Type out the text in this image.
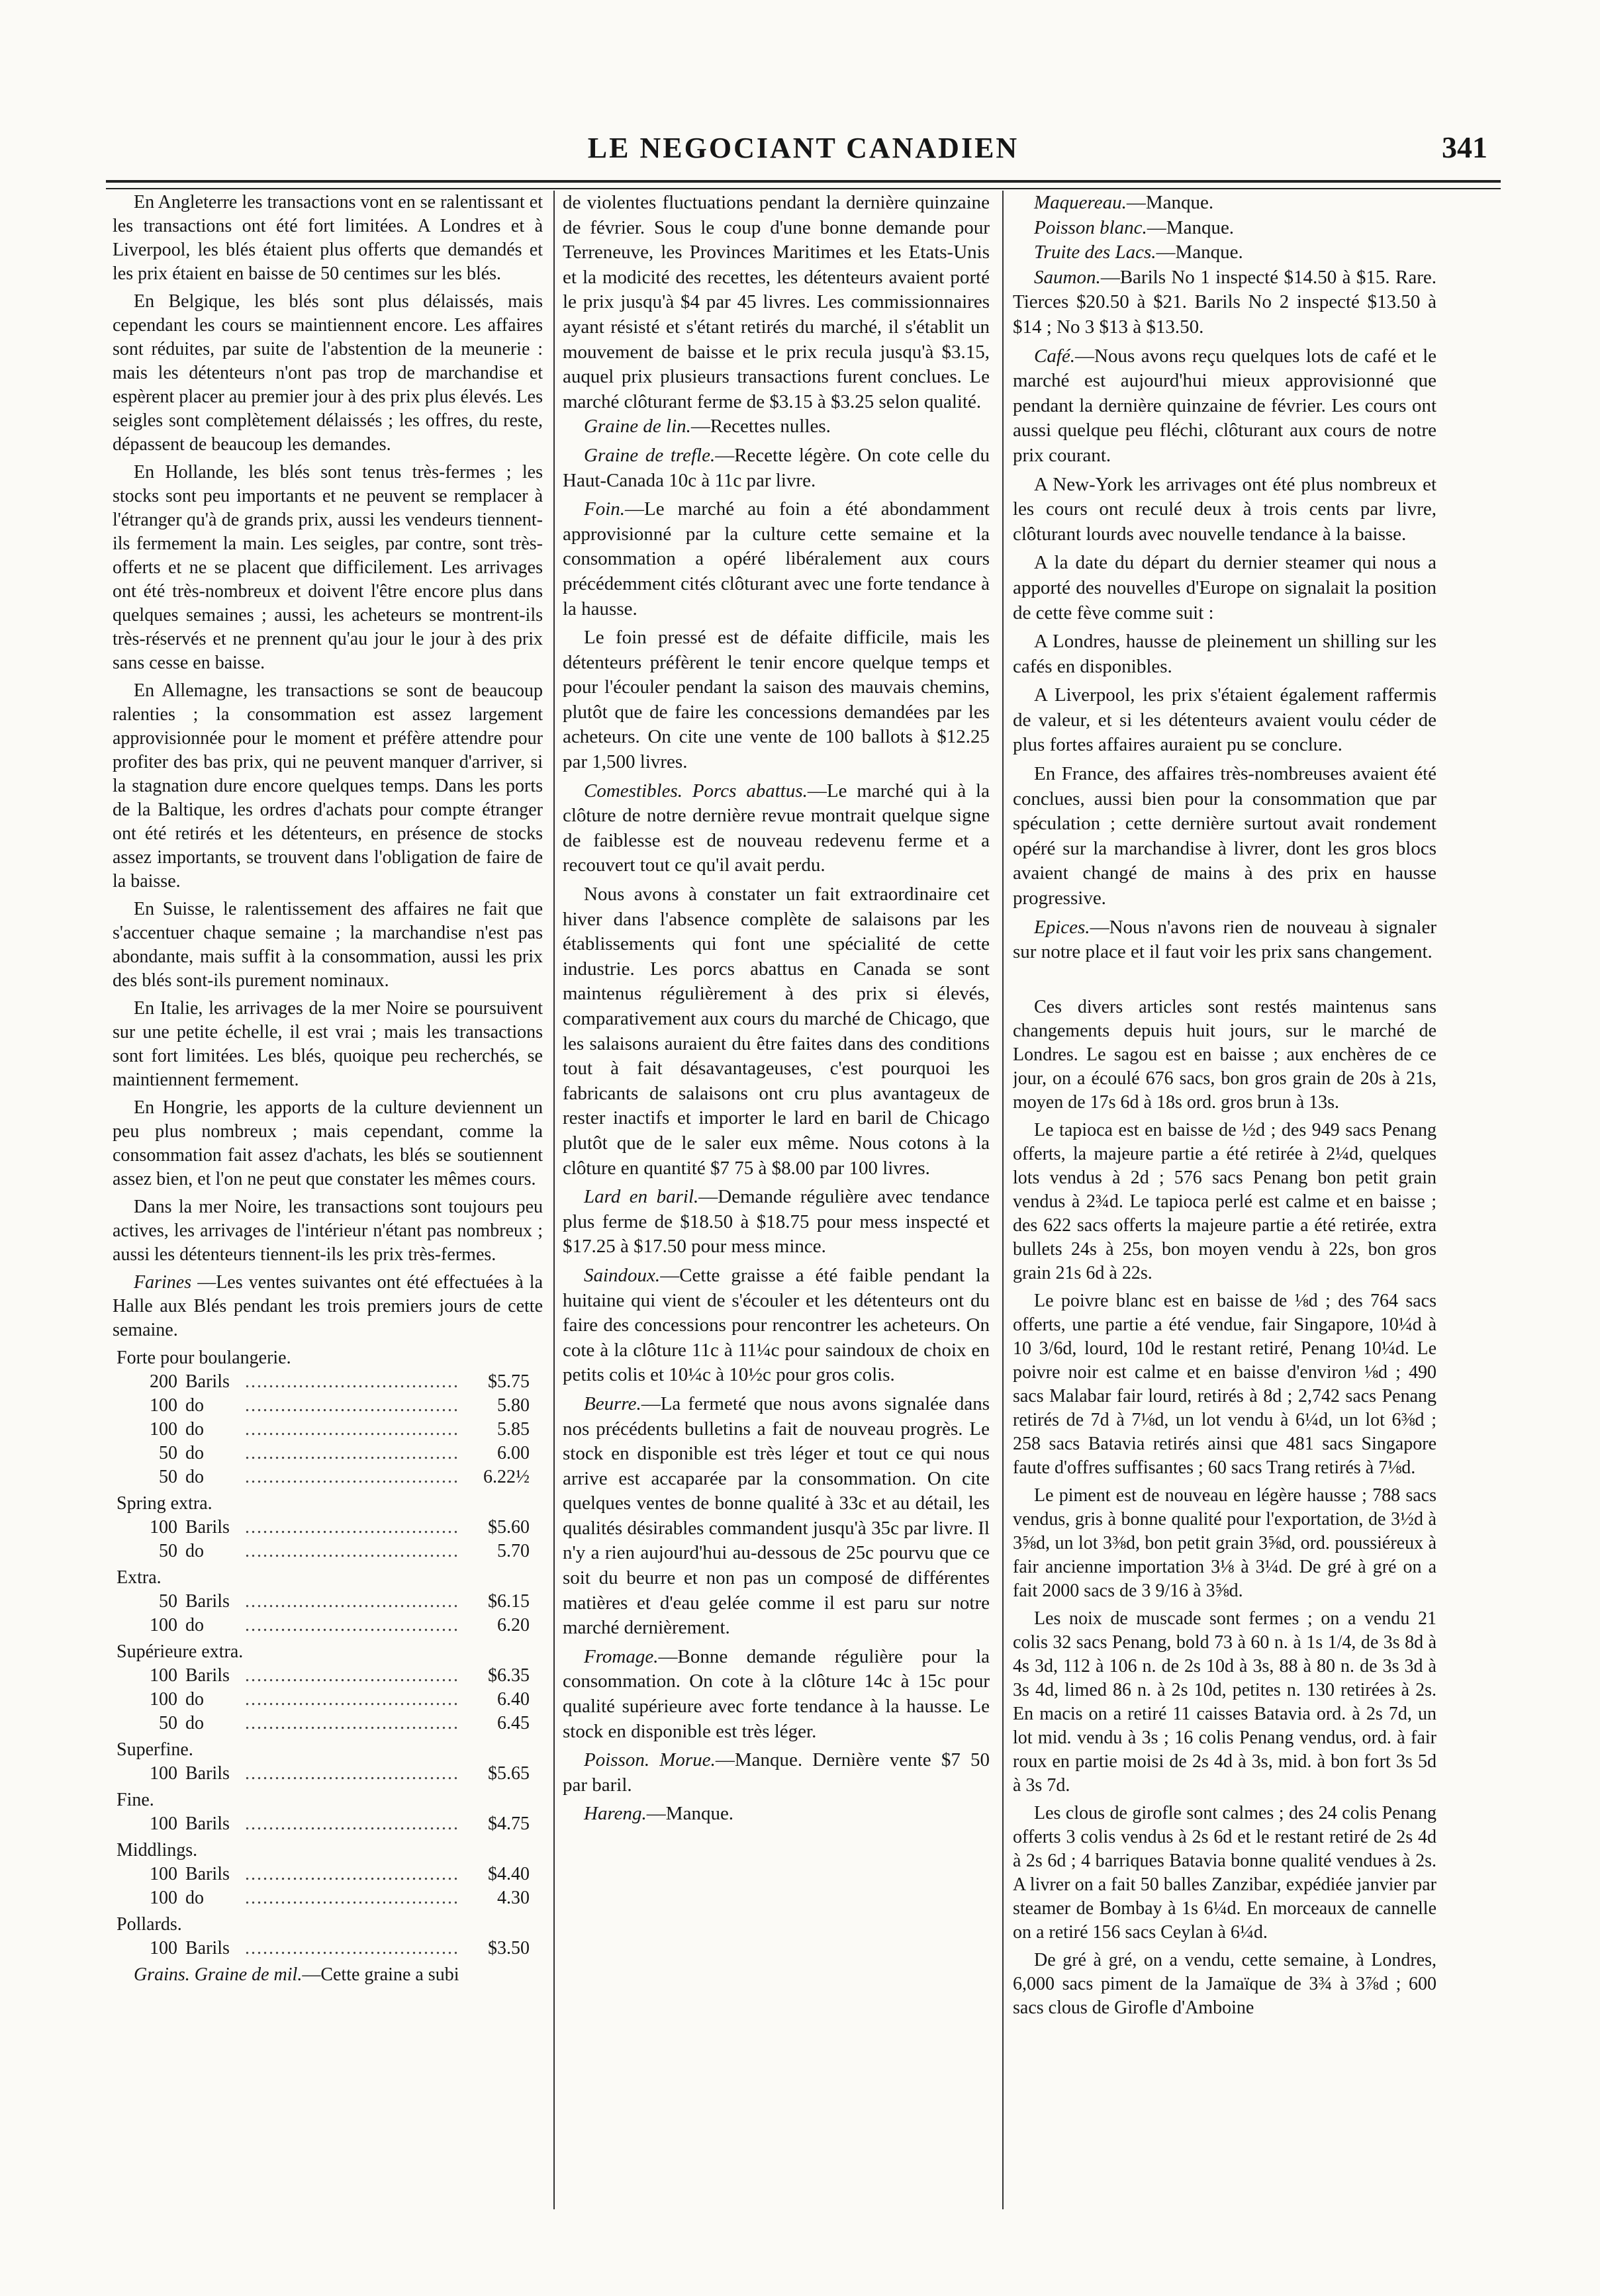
LE NEGOCIANT CANADIEN	341

En Angleterre les transactions vont en se ralentissant et les transactions ont été fort limitées. A Londres et à Liverpool, les blés étaient plus offerts que demandés et les prix étaient en baisse de 50 centimes sur les blés.

En Belgique, les blés sont plus délaissés, mais cependant les cours se maintiennent encore. Les affaires sont réduites, par suite de l'abstention de la meunerie : mais les détenteurs n'ont pas trop de marchandise et espèrent placer au premier jour à des prix plus élevés. Les seigles sont complètement délaissés ; les offres, du reste, dépassent de beaucoup les demandes.

En Hollande, les blés sont tenus très-fermes ; les stocks sont peu importants et ne peuvent se remplacer à l'étranger qu'à de grands prix, aussi les vendeurs tiennent-ils fermement la main. Les seigles, par contre, sont très-offerts et ne se placent que difficilement. Les arrivages ont été très-nombreux et doivent l'être encore plus dans quelques semaines ; aussi, les acheteurs se montrent-ils très-réservés et ne prennent qu'au jour le jour à des prix sans cesse en baisse.

En Allemagne, les transactions se sont de beaucoup ralenties ; la consommation est assez largement approvisionnée pour le moment et préfère attendre pour profiter des bas prix, qui ne peuvent manquer d'arriver, si la stagnation dure encore quelques temps. Dans les ports de la Baltique, les ordres d'achats pour compte étranger ont été retirés et les détenteurs, en présence de stocks assez importants, se trouvent dans l'obligation de faire de la baisse.

En Suisse, le ralentissement des affaires ne fait que s'accentuer chaque semaine ; la marchandise n'est pas abondante, mais suffit à la consommation, aussi les prix des blés sont-ils purement nominaux.

En Italie, les arrivages de la mer Noire se poursuivent sur une petite échelle, il est vrai ; mais les transactions sont fort limitées. Les blés, quoique peu recherchés, se maintiennent fermement.

En Hongrie, les apports de la culture deviennent un peu plus nombreux ; mais cependant, comme la consommation fait assez d'achats, les blés se soutiennent assez bien, et l'on ne peut que constater les mêmes cours.

Dans la mer Noire, les transactions sont toujours peu actives, les arrivages de l'intérieur n'étant pas nombreux ; aussi les détenteurs tiennent-ils les prix très-fermes.

Farines —Les ventes suivantes ont été effectuées à la Halle aux Blés pendant les trois premiers jours de cette semaine.

Forte pour boulangerie.
200 Barils ....................................	$5.75
100 do	....................................	5.80
100 do	....................................	5.85
50 do	....................................	6.00
50 do	....................................	6.22½
Spring extra.
100 Barils ....................................	$5.60
50 do	....................................	5.70
Extra.
50 Barils ....................................	$6.15
100 do	....................................	6.20
Supérieure extra.
100 Barils ....................................	$6.35
100 do	....................................	6.40
50 do	....................................	6.45
Superfine.
100 Barils ....................................	$5.65
Fine.
100 Barils ....................................	$4.75
Middlings.
100 Barils ....................................	$4.40
100 do	....................................	4.30
Pollards.
100 Barils ....................................	$3.50

Grains. Graine de mil.—Cette graine a subi

de violentes fluctuations pendant la dernière quinzaine de février. Sous le coup d'une bonne demande pour Terreneuve, les Provinces Maritimes et les Etats-Unis et la modicité des recettes, les détenteurs avaient porté le prix jusqu'à $4 par 45 livres. Les commissionnaires ayant résisté et s'étant retirés du marché, il s'établit un mouvement de baisse et le prix recula jusqu'à $3.15, auquel prix plusieurs transactions furent conclues. Le marché clôturant ferme de $3.15 à $3.25 selon qualité.

Graine de lin.—Recettes nulles.

Graine de trefle.—Recette légère. On cote celle du Haut-Canada 10c à 11c par livre.

Foin.—Le marché au foin a été abondamment approvisionné par la culture cette semaine et la consommation a opéré libéralement aux cours précédemment cités clôturant avec une forte tendance à la hausse.

Le foin pressé est de défaite difficile, mais les détenteurs préfèrent le tenir encore quelque temps et pour l'écouler pendant la saison des mauvais chemins, plutôt que de faire les concessions demandées par les acheteurs. On cite une vente de 100 ballots à $12.25 par 1,500 livres.

Comestibles. Porcs abattus.—Le marché qui à la clôture de notre dernière revue montrait quelque signe de faiblesse est de nouveau redevenu ferme et a recouvert tout ce qu'il avait perdu.

Nous avons à constater un fait extraordinaire cet hiver dans l'absence complète de salaisons par les établissements qui font une spécialité de cette industrie. Les porcs abattus en Canada se sont maintenus régulièrement à des prix si élevés, comparativement aux cours du marché de Chicago, que les salaisons auraient du être faites dans des conditions tout à fait désavantageuses, c'est pourquoi les fabricants de salaisons ont cru plus avantageux de rester inactifs et importer le lard en baril de Chicago plutôt que de le saler eux même. Nous cotons à la clôture en quantité $7 75 à $8.00 par 100 livres.

Lard en baril.—Demande régulière avec tendance plus ferme de $18.50 à $18.75 pour mess inspecté et $17.25 à $17.50 pour mess mince.

Saindoux.—Cette graisse a été faible pendant la huitaine qui vient de s'écouler et les détenteurs ont du faire des concessions pour rencontrer les acheteurs. On cote à la clôture 11c à 11¼c pour saindoux de choix en petits colis et 10¼c à 10½c pour gros colis.

Beurre.—La fermeté que nous avons signalée dans nos précédents bulletins a fait de nouveau progrès. Le stock en disponible est très léger et tout ce qui nous arrive est accaparée par la consommation. On cite quelques ventes de bonne qualité à 33c et au détail, les qualités désirables commandent jusqu'à 35c par livre. Il n'y a rien aujourd'hui au-dessous de 25c pourvu que ce soit du beurre et non pas un composé de différentes matières et d'eau gelée comme il est paru sur notre marché dernièrement.

Fromage.—Bonne demande régulière pour la consommation. On cote à la clôture 14c à 15c pour qualité supérieure avec forte tendance à la hausse. Le stock en disponible est très léger.

Poisson. Morue.—Manque. Dernière vente $7 50 par baril.

Hareng.—Manque.

Maquereau.—Manque.

Poisson blanc.—Manque.

Truite des Lacs.—Manque.

Saumon.—Barils No 1 inspecté $14.50 à $15. Rare. Tierces $20.50 à $21. Barils No 2 inspecté $13.50 à $14 ; No 3 $13 à $13.50.

Café.—Nous avons reçu quelques lots de café et le marché est aujourd'hui mieux approvisionné que pendant la dernière quinzaine de février. Les cours ont aussi quelque peu fléchi, clôturant aux cours de notre prix courant.

A New-York les arrivages ont été plus nombreux et les cours ont reculé deux à trois cents par livre, clôturant lourds avec nouvelle tendance à la baisse.

A la date du départ du dernier steamer qui nous a apporté des nouvelles d'Europe on signalait la position de cette fève comme suit :

A Londres, hausse de pleinement un shilling sur les cafés en disponibles.

A Liverpool, les prix s'étaient également raffermis de valeur, et si les détenteurs avaient voulu céder de plus fortes affaires auraient pu se conclure.

En France, des affaires très-nombreuses avaient été conclues, aussi bien pour la consommation que par spéculation ; cette dernière surtout avait rondement opéré sur la marchandise à livrer, dont les gros blocs avaient changé de mains à des prix en hausse progressive.

Epices.—Nous n'avons rien de nouveau à signaler sur notre place et il faut voir les prix sans changement.

Ces divers articles sont restés maintenus sans changements depuis huit jours, sur le marché de Londres. Le sagou est en baisse ; aux enchères de ce jour, on a écoulé 676 sacs, bon gros grain de 20s à 21s, moyen de 17s 6d à 18s ord. gros brun à 13s.

Le tapioca est en baisse de ½d ; des 949 sacs Penang offerts, la majeure partie a été retirée à 2¼d, quelques lots vendus à 2d ; 576 sacs Penang bon petit grain vendus à 2¾d. Le tapioca perlé est calme et en baisse ; des 622 sacs offerts la majeure partie a été retirée, extra bullets 24s à 25s, bon moyen vendu à 22s, bon gros grain 21s 6d à 22s.

Le poivre blanc est en baisse de ⅛d ; des 764 sacs offerts, une partie a été vendue, fair Singapore, 10¼d à 10 3/6d, lourd, 10d le restant retiré, Penang 10¼d. Le poivre noir est calme et en baisse d'environ ⅛d ; 490 sacs Malabar fair lourd, retirés à 8d ; 2,742 sacs Penang retirés de 7d à 7⅛d, un lot vendu à 6¼d, un lot 6⅜d ; 258 sacs Batavia retirés ainsi que 481 sacs Singapore faute d'offres suffisantes ; 60 sacs Trang retirés à 7⅛d.

Le piment est de nouveau en légère hausse ; 788 sacs vendus, gris à bonne qualité pour l'exportation, de 3½d à 3⅝d, un lot 3⅜d, bon petit grain 3⅝d, ord. poussiéreux à fair ancienne importation 3⅛ à 3¼d. De gré à gré on a fait 2000 sacs de 3 9/16 à 3⅝d.

Les noix de muscade sont fermes ; on a vendu 21 colis 32 sacs Penang, bold 73 à 60 n. à 1s 1/4, de 3s 8d à 4s 3d, 112 à 106 n. de 2s 10d à 3s, 88 à 80 n. de 3s 3d à 3s 4d, limed 86 n. à 2s 10d, petites n. 130 retirées à 2s. En macis on a retiré 11 caisses Batavia ord. à 2s 7d, un lot mid. vendu à 3s ; 16 colis Penang vendus, ord. à fair roux en partie moisi de 2s 4d à 3s, mid. à bon fort 3s 5d à 3s 7d.

Les clous de girofle sont calmes ; des 24 colis Penang offerts 3 colis vendus à 2s 6d et le restant retiré de 2s 4d à 2s 6d ; 4 barriques Batavia bonne qualité vendues à 2s. A livrer on a fait 50 balles Zanzibar, expédiée janvier par steamer de Bombay à 1s 6¼d. En morceaux de cannelle on a retiré 156 sacs Ceylan à 6¼d.

De gré à gré, on a vendu, cette semaine, à Londres, 6,000 sacs piment de la Jamaïque de 3¾ à 3⅞d ; 600 sacs clous de Girofle d'Amboine
